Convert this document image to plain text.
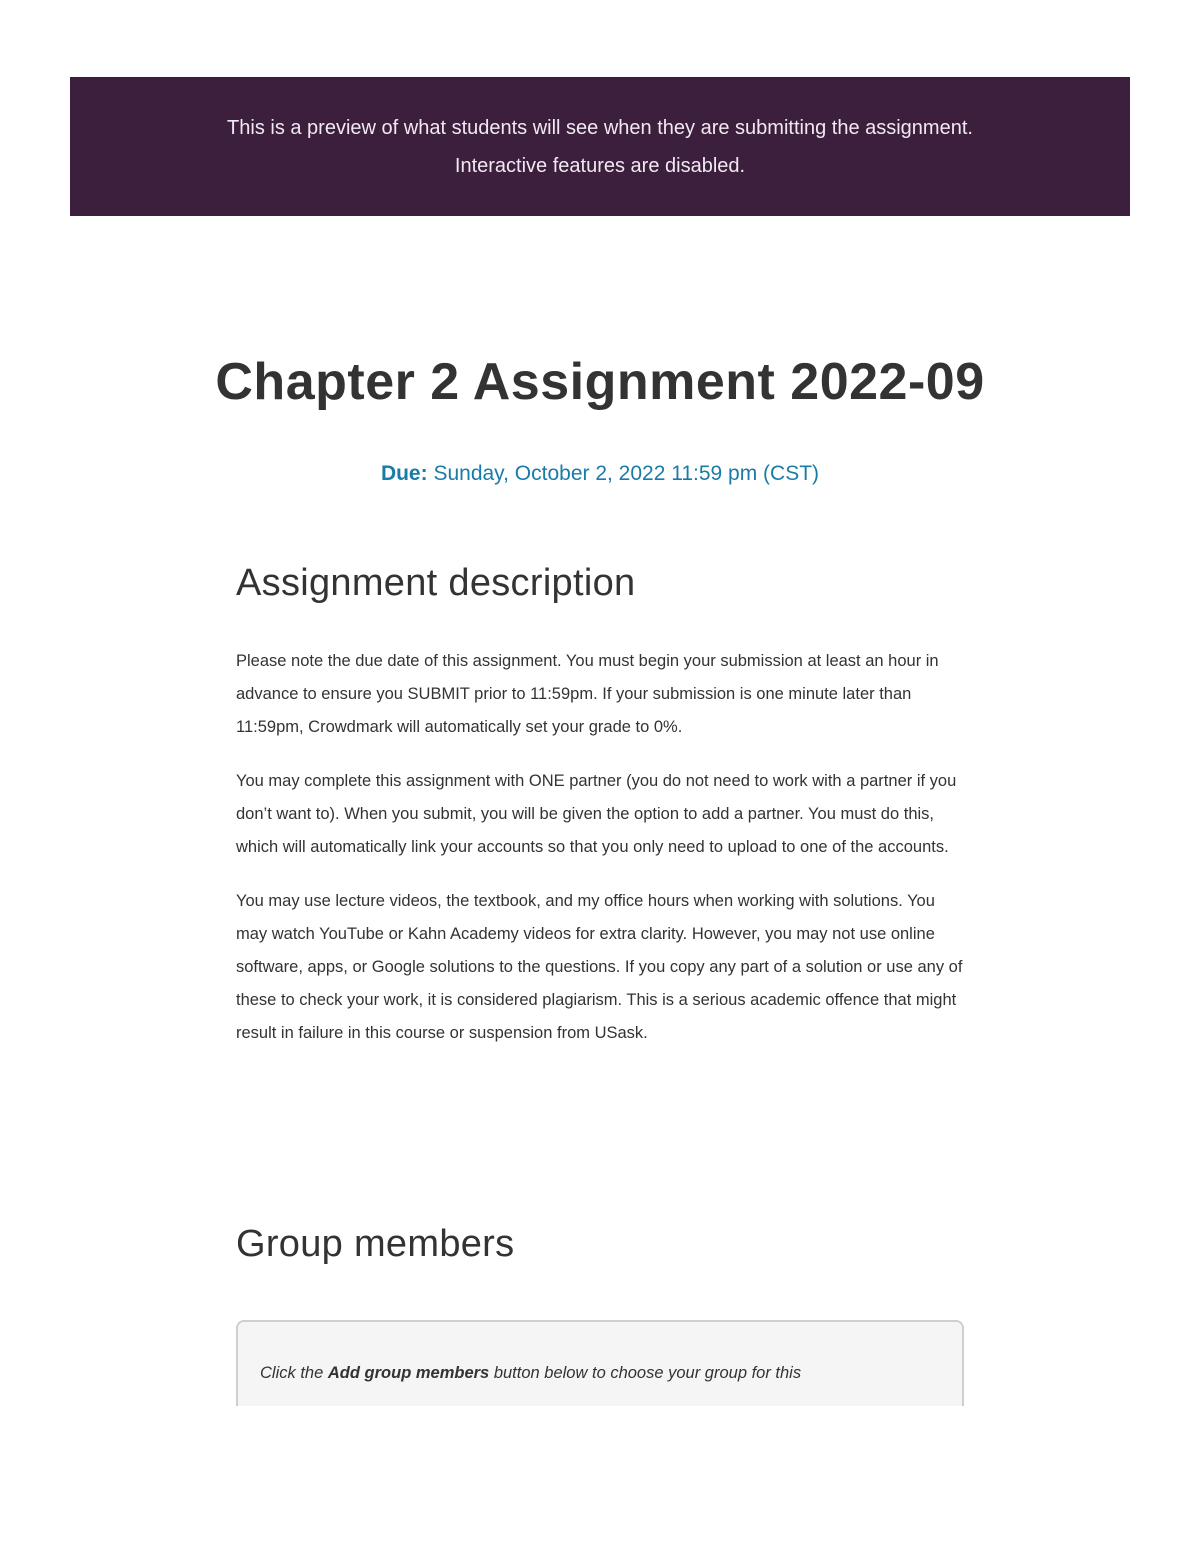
This is a preview of what students will see when they are submitting the assignment.
Interactive features are disabled.
Chapter 2 Assignment 2022-09
Due: Sunday, October 2, 2022 11:59 pm (CST)
Assignment description

Please note the due date of this assignment. You must begin your submission at least an hour in advance to ensure you SUBMIT prior to 11:59pm. If your submission is one minute later than 11:59pm, Crowdmark will automatically set your grade to 0%.

You may complete this assignment with ONE partner (you do not need to work with a partner if you don’t want to). When you submit, you will be given the option to add a partner. You must do this, which will automatically link your accounts so that you only need to upload to one of the accounts.

You may use lecture videos, the textbook, and my office hours when working with solutions. You may watch YouTube or Kahn Academy videos for extra clarity. However, you may not use online software, apps, or Google solutions to the questions. If you copy any part of a solution or use any of these to check your work, it is considered plagiarism. This is a serious academic offence that might result in failure in this course or suspension from USask.

Group members
Click the Add group members button below to choose your group for this
